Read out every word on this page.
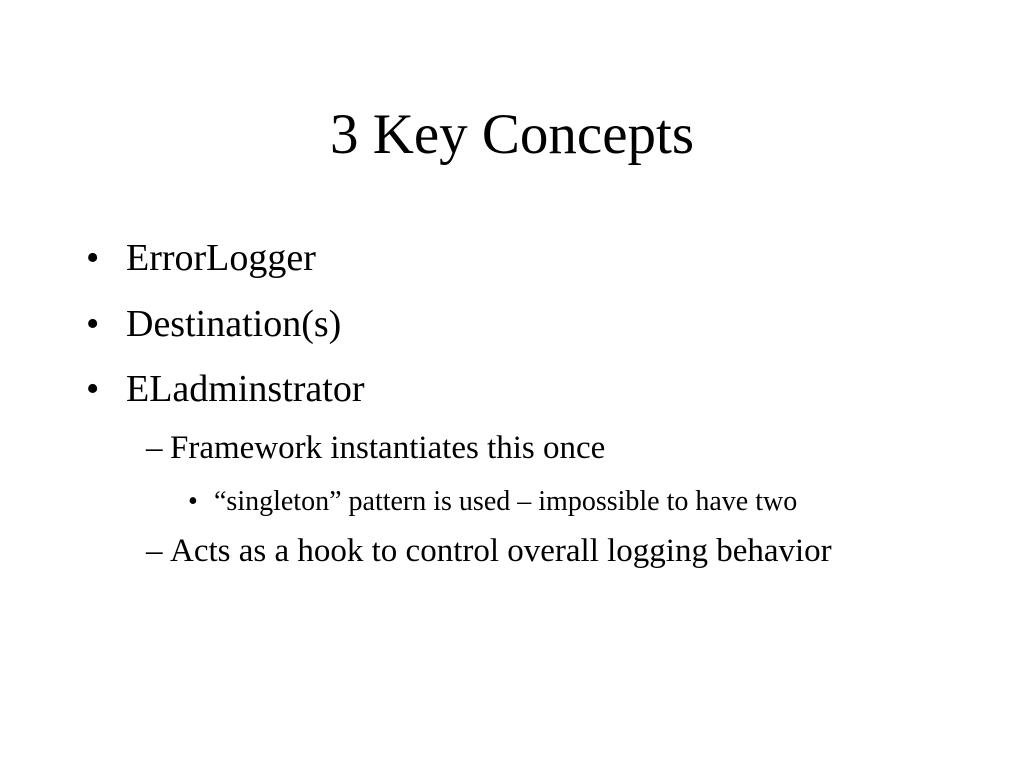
3 Key Concepts
• ErrorLogger
• Destination(s)
• ELadminstrator
– Framework instantiates this once
• “singleton” pattern is used – impossible to have two
– Acts as a hook to control overall logging behavior
